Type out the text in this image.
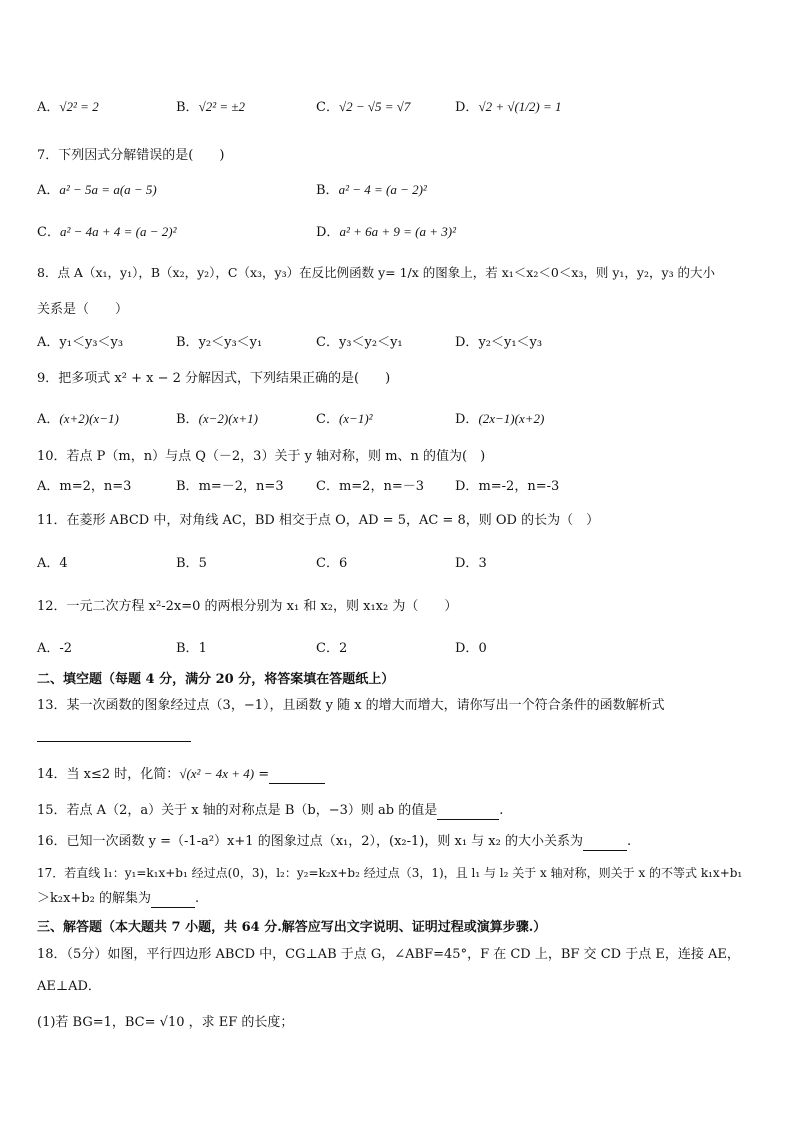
A．√2² = 2	B．√2² = ±2	C．√2 − √5 = √7	D．√2 + √(1/2) = 1
7．下列因式分解错误的是(　　)
A．a² − 5a = a(a − 5)	B．a² − 4 = (a − 2)²
C．a² − 4a + 4 = (a − 2)²	D．a² + 6a + 9 = (a + 3)²
8．点 A（x₁，y₁），B（x₂，y₂），C（x₃，y₃）在反比例函数 y= 1/x 的图象上，若 x₁＜x₂＜0＜x₃，则 y₁，y₂，y₃ 的大小
关系是（　　）
A．y₁＜y₃＜y₃	B．y₂＜y₃＜y₁	C．y₃＜y₂＜y₁	D．y₂＜y₁＜y₃
9．把多项式 x² + x − 2 分解因式，下列结果正确的是(　　)
A．(x+2)(x−1)	B．(x−2)(x+1)	C．(x−1)²	D．(2x−1)(x+2)
10．若点 P（m，n）与点 Q（－2，3）关于 y 轴对称，则 m、n 的值为(　)
A．m=2，n=3	B．m=－2，n=3 C．m=2，n=－3 D．m=-2，n=-3
11．在菱形 ABCD 中，对角线 AC，BD 相交于点 O，AD = 5，AC = 8，则 OD 的长为（　）
A．4	B．5	C．6	D．3
12．一元二次方程 x²-2x=0 的两根分别为 x₁ 和 x₂，则 x₁x₂ 为（　　）
A．-2	B．1	C．2	D．0
二、填空题（每题 4 分，满分 20 分，将答案填在答题纸上）
13．某一次函数的图象经过点（3，−1），且函数 y 随 x 的增大而增大，请你写出一个符合条件的函数解析式
14．当 x≤2 时，化简：√(x² − 4x + 4) =
15．若点 A（2，a）关于 x 轴的对称点是 B（b，−3）则 ab 的值是	.
16．已知一次函数 y =（-1-a²）x+1 的图象过点（x₁，2），(x₂-1)，则 x₁ 与 x₂ 的大小关系为	.
17．若直线 l₁：y₁=k₁x+b₁ 经过点(0，3)，l₂：y₂=k₂x+b₂ 经过点（3，1)，且 l₁ 与 l₂ 关于 x 轴对称，则关于 x 的不等式 k₁x+b₁
＞k₂x+b₂ 的解集为	.
三、解答题（本大题共 7 小题，共 64 分.解答应写出文字说明、证明过程或演算步骤.）
18．（5分）如图，平行四边形 ABCD 中，CG⊥AB 于点 G，∠ABF=45°，F 在 CD 上，BF 交 CD 于点 E，连接 AE，
AE⊥AD．
(1)若 BG=1，BC= √10 ，求 EF 的长度；
